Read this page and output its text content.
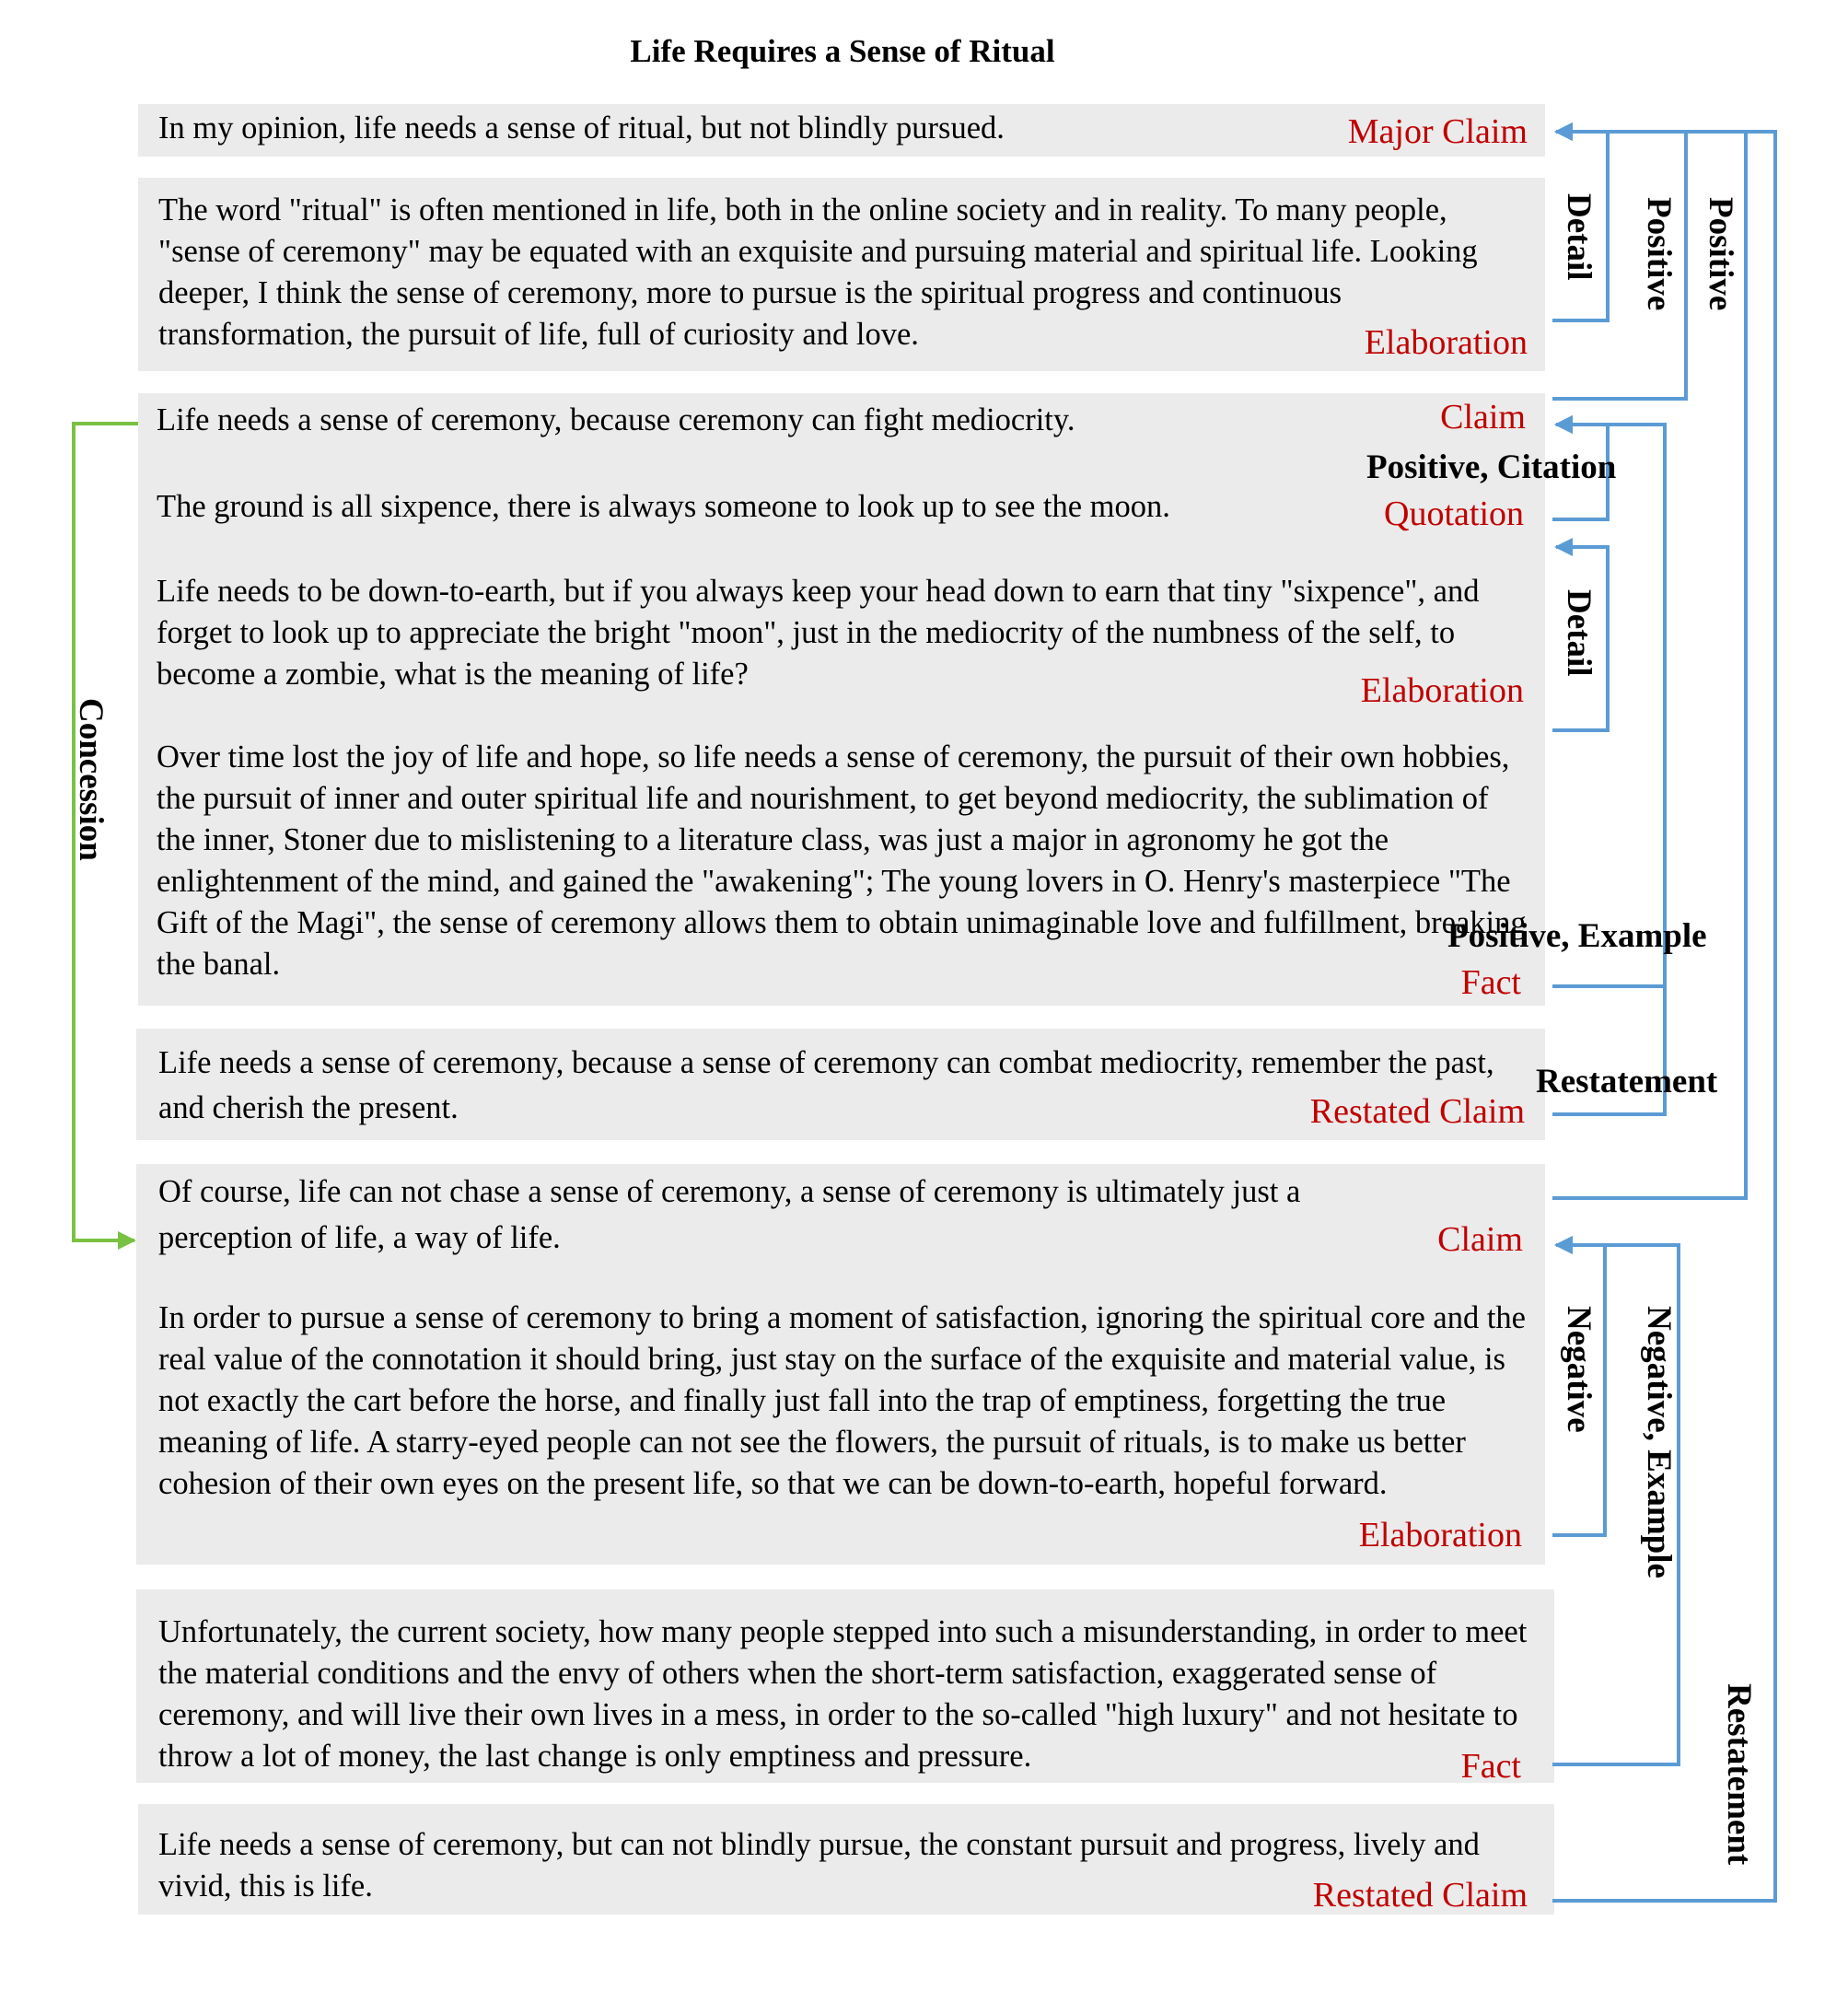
Life Requires a Sense of Ritual
In my opinion, life needs a sense of ritual, but not blindly pursued.
The word "ritual" is often mentioned in life, both in the online society and in reality. To many people, "sense of ceremony" may be equated with an exquisite and pursuing material and spiritual life. Looking deeper, I think the sense of ceremony, more to pursue is the spiritual progress and continuous transformation, the pursuit of life, full of curiosity and love.
Life needs a sense of ceremony, because ceremony can fight mediocrity.
The ground is all sixpence, there is always someone to look up to see the moon.
Life needs to be down-to-earth, but if you always keep your head down to earn that tiny "sixpence", and forget to look up to appreciate the bright "moon", just in the mediocrity of the numbness of the self, to become a zombie, what is the meaning of life?
Over time lost the joy of life and hope, so life needs a sense of ceremony, the pursuit of their own hobbies, the pursuit of inner and outer spiritual life and nourishment, to get beyond mediocrity, the sublimation of the inner, Stoner due to mislistening to a literature class, was just a major in agronomy he got the enlightenment of the mind, and gained the "awakening"; The young lovers in O. Henry's masterpiece "The Gift of the Magi", the sense of ceremony allows them to obtain unimaginable love and fulfillment, breaking the banal.
Life needs a sense of ceremony, because a sense of ceremony can combat mediocrity, remember the past, and cherish the present.
Of course, life can not chase a sense of ceremony, a sense of ceremony is ultimately just a perception of life, a way of life.
In order to pursue a sense of ceremony to bring a moment of satisfaction, ignoring the spiritual core and the real value of the connotation it should bring, just stay on the surface of the exquisite and material value, is not exactly the cart before the horse, and finally just fall into the trap of emptiness, forgetting the true meaning of life. A starry-eyed people can not see the flowers, the pursuit of rituals, is to make us better cohesion of their own eyes on the present life, so that we can be down-to-earth, hopeful forward.
Unfortunately, the current society, how many people stepped into such a misunderstanding, in order to meet the material conditions and the envy of others when the short-term satisfaction, exaggerated sense of ceremony, and will live their own lives in a mess, in order to the so-called "high luxury" and not hesitate to throw a lot of money, the last change is only emptiness and pressure.
Life needs a sense of ceremony, but can not blindly pursue, the constant pursuit and progress, lively and vivid, this is life.
Major Claim
Elaboration
Claim
Quotation
Elaboration
Fact
Restated Claim
Claim
Elaboration
Fact
Restated Claim
Detail Positive Positive
Positive, Citation
Detail
Positive, Example
Restatement
Concession
Negative Negative, Example
Restatement
